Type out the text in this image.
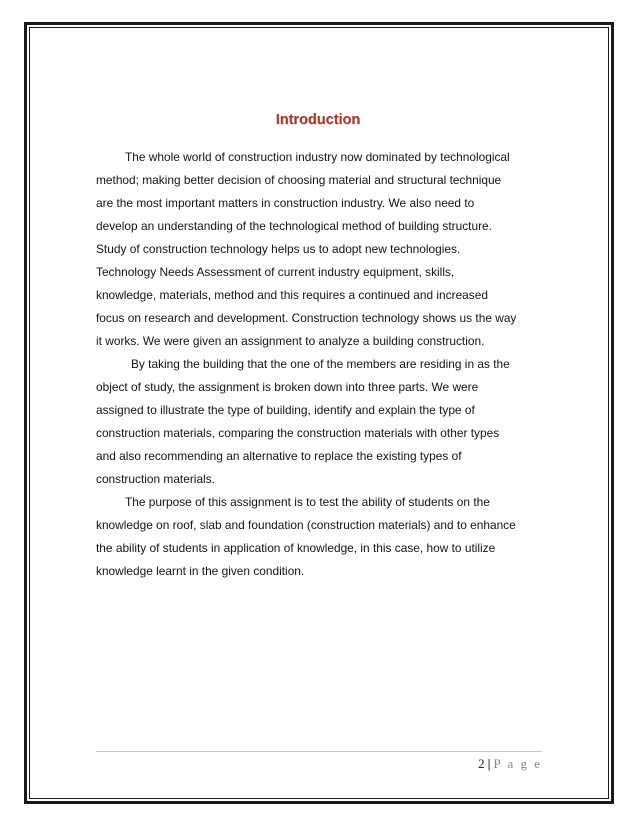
Introduction
The whole world of construction industry now dominated by technological
method; making better decision of choosing material and structural technique
are the most important matters in construction industry. We also need to
develop an understanding of the technological method of building structure.
Study of construction technology helps us to adopt new technologies.
Technology Needs Assessment of current industry equipment, skills,
knowledge, materials, method and this requires a continued and increased
focus on research and development. Construction technology shows us the way
it works. We were given an assignment to analyze a building construction.
By taking the building that the one of the members are residing in as the
object of study, the assignment is broken down into three parts. We were
assigned to illustrate the type of building, identify and explain the type of
construction materials, comparing the construction materials with other types
and also recommending an alternative to replace the existing types of
construction materials.
The purpose of this assignment is to test the ability of students on the
knowledge on roof, slab and foundation (construction materials) and to enhance
the ability of students in application of knowledge, in this case, how to utilize
knowledge learnt in the given condition.
2 | P a g e
